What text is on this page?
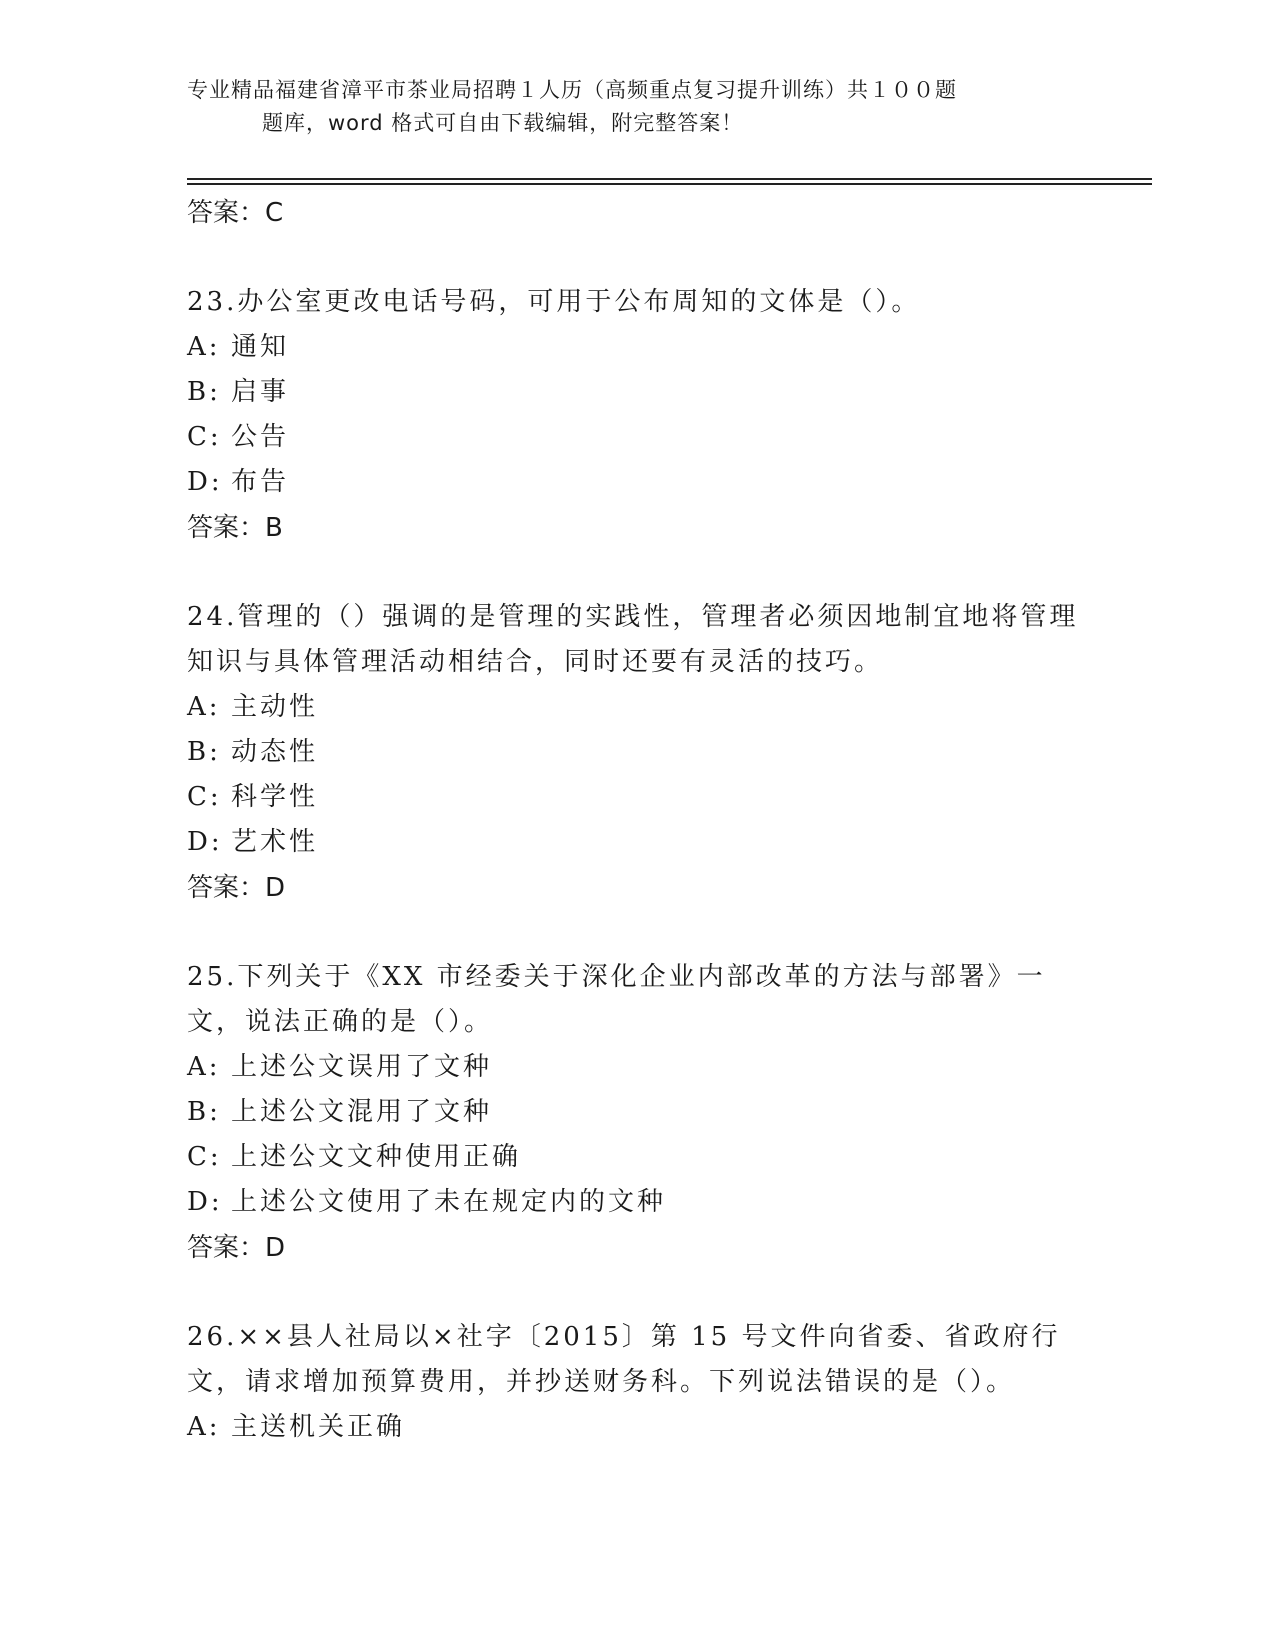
专业精品福建省漳平市茶业局招聘１人历（高频重点复习提升训练）共１００题
题库，word 格式可自由下载编辑，附完整答案！
答案：C
23.办公室更改电话号码，可用于公布周知的文体是（）。
A: 通知
B: 启事
C: 公告
D: 布告
答案：B
24.管理的（）强调的是管理的实践性，管理者必须因地制宜地将管理知识与具体管理活动相结合，同时还要有灵活的技巧。
A: 主动性
B: 动态性
C: 科学性
D: 艺术性
答案：D
25.下列关于《XX 市经委关于深化企业内部改革的方法与部署》一文，说法正确的是（）。
A: 上述公文误用了文种
B: 上述公文混用了文种
C: 上述公文文种使用正确
D: 上述公文使用了未在规定内的文种
答案：D
26.××县人社局以×社字〔2015〕第 15 号文件向省委、省政府行文，请求增加预算费用，并抄送财务科。下列说法错误的是（）。
A: 主送机关正确
